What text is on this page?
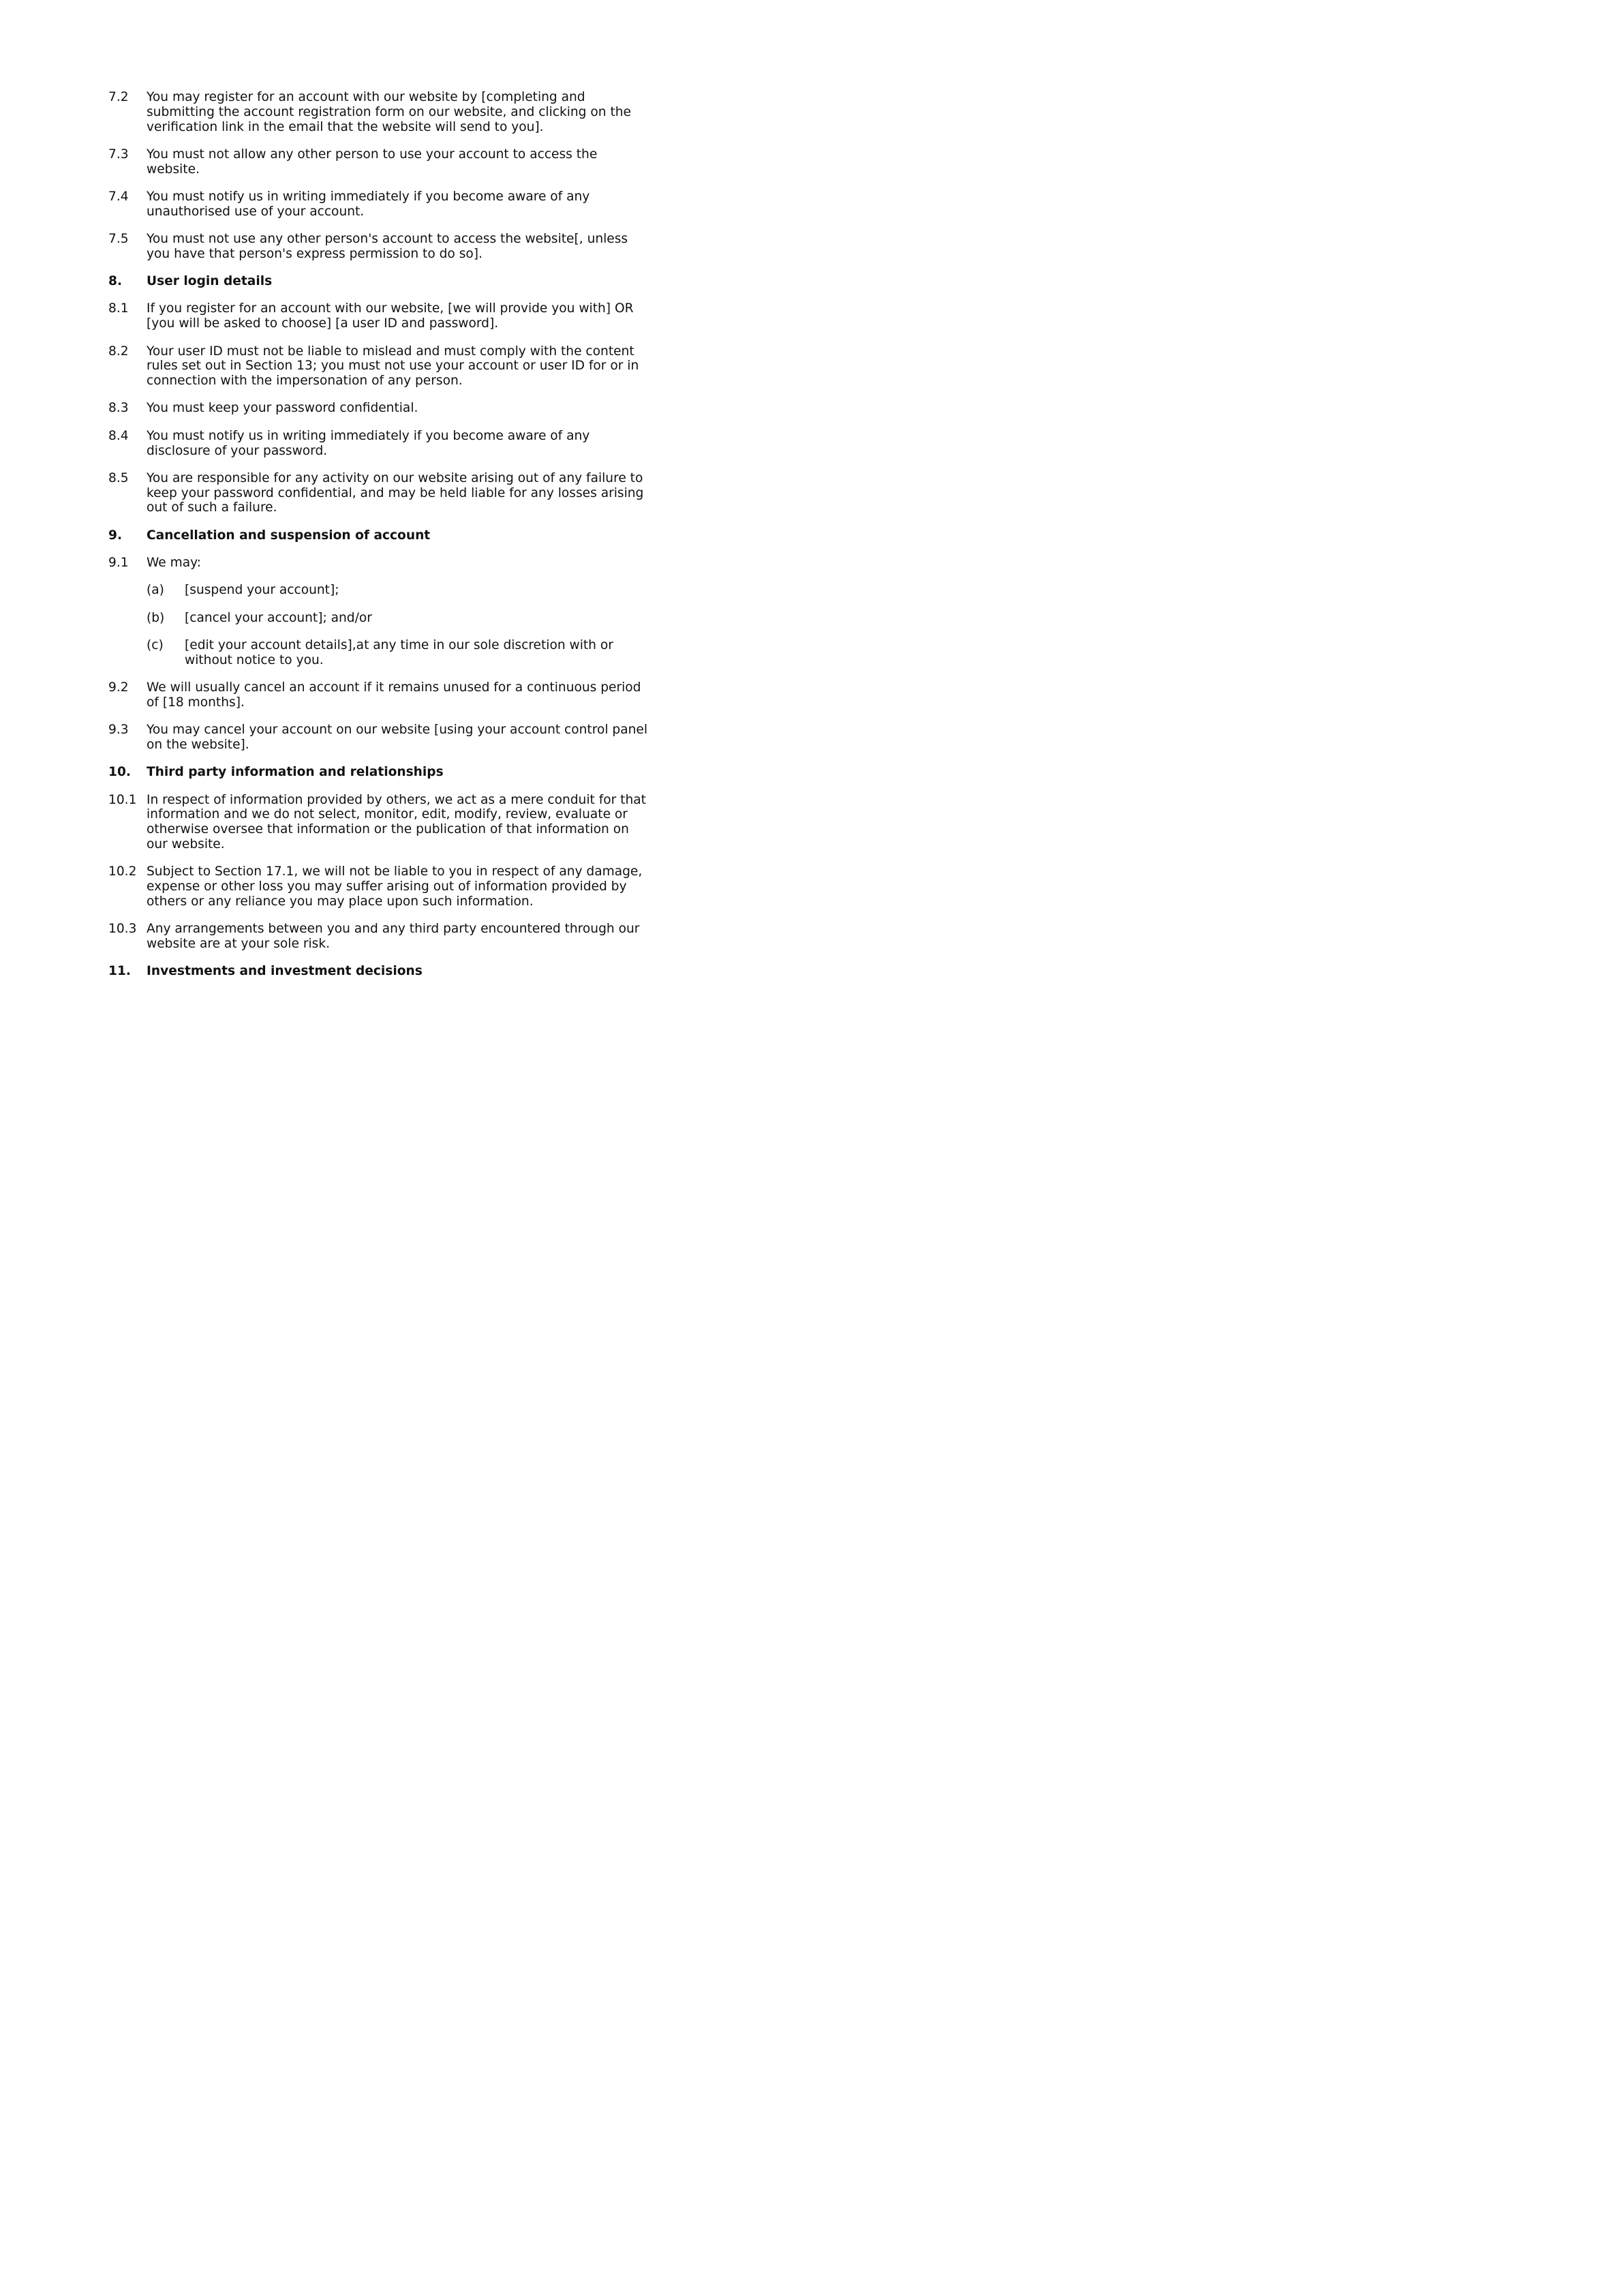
7.2	You may register for an account with our website by [completing and submitting the account registration form on our website, and clicking on the verification link in the email that the website will send to you].
7.3	You must not allow any other person to use your account to access the website.
7.4	You must notify us in writing immediately if you become aware of any unauthorised use of your account.
7.5	You must not use any other person's account to access the website[, unless you have that person's express permission to do so].
8.	User login details
8.1	If you register for an account with our website, [we will provide you with] OR [you will be asked to choose] [a user ID and password].
8.2	Your user ID must not be liable to mislead and must comply with the content rules set out in Section 13; you must not use your account or user ID for or in connection with the impersonation of any person.
8.3	You must keep your password confidential.
8.4	You must notify us in writing immediately if you become aware of any disclosure of your password.
8.5	You are responsible for any activity on our website arising out of any failure to keep your password confidential, and may be held liable for any losses arising out of such a failure.
9.	Cancellation and suspension of account
9.1	We may:
(a)	[suspend your account];
(b)	[cancel your account]; and/or
(c)	[edit your account details],at any time in our sole discretion with or without notice to you.
9.2	We will usually cancel an account if it remains unused for a continuous period of [18 months].
9.3	You may cancel your account on our website [using your account control panel on the website].
10.	Third party information and relationships
10.1 In respect of information provided by others, we act as a mere conduit for that information and we do not select, monitor, edit, modify, review, evaluate or otherwise oversee that information or the publication of that information on our website.
10.2 Subject to Section 17.1, we will not be liable to you in respect of any damage, expense or other loss you may suffer arising out of information provided by others or any reliance you may place upon such information.
10.3 Any arrangements between you and any third party encountered through our website are at your sole risk.
11.	Investments and investment decisions
